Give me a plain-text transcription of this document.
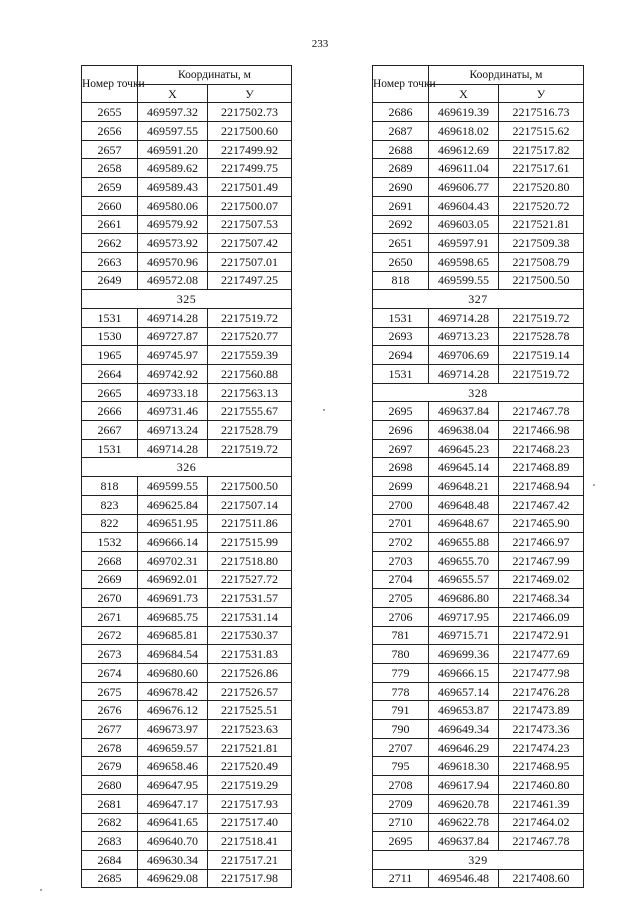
233
Номер точки	Координаты, м	
	X	У
2655	469597.32	2217502.73
2656	469597.55	2217500.60
2657	469591.20	2217499.92
2658	469589.62	2217499.75
2659	469589.43	2217501.49
2660	469580.06	2217500.07
2661	469579.92	2217507.53
2662	469573.92	2217507.42
2663	469570.96	2217507.01
2649	469572.08	2217497.25
325		
1531	469714.28	2217519.72
1530	469727.87	2217520.77
1965	469745.97	2217559.39
2664	469742.92	2217560.88
2665	469733.18	2217563.13
2666	469731.46	2217555.67
2667	469713.24	2217528.79
1531	469714.28	2217519.72
326		
818	469599.55	2217500.50
823	469625.84	2217507.14
822	469651.95	2217511.86
1532	469666.14	2217515.99
2668	469702.31	2217518.80
2669	469692.01	2217527.72
2670	469691.73	2217531.57
2671	469685.75	2217531.14
2672	469685.81	2217530.37
2673	469684.54	2217531.83
2674	469680.60	2217526.86
2675	469678.42	2217526.57
2676	469676.12	2217525.51
2677	469673.97	2217523.63
2678	469659.57	2217521.81
2679	469658.46	2217520.49
2680	469647.95	2217519.29
2681	469647.17	2217517.93
2682	469641.65	2217517.40
2683	469640.70	2217518.41
2684	469630.34	2217517.21
2685	469629.08	2217517.98
Номер точки	Координаты, м	
	X	У
2686	469619.39	2217516.73
2687	469618.02	2217515.62
2688	469612.69	2217517.82
2689	469611.04	2217517.61
2690	469606.77	2217520.80
2691	469604.43	2217520.72
2692	469603.05	2217521.81
2651	469597.91	2217509.38
2650	469598.65	2217508.79
818	469599.55	2217500.50
327		
1531	469714.28	2217519.72
2693	469713.23	2217528.78
2694	469706.69	2217519.14
1531	469714.28	2217519.72
328		
2695	469637.84	2217467.78
2696	469638.04	2217466.98
2697	469645.23	2217468.23
2698	469645.14	2217468.89
2699	469648.21	2217468.94
2700	469648.48	2217467.42
2701	469648.67	2217465.90
2702	469655.88	2217466.97
2703	469655.70	2217467.99
2704	469655.57	2217469.02
2705	469686.80	2217468.34
2706	469717.95	2217466.09
781	469715.71	2217472.91
780	469699.36	2217477.69
779	469666.15	2217477.98
778	469657.14	2217476.28
791	469653.87	2217473.89
790	469649.34	2217473.36
2707	469646.29	2217474.23
795	469618.30	2217468.95
2708	469617.94	2217460.80
2709	469620.78	2217461.39
2710	469622.78	2217464.02
2695	469637.84	2217467.78
329		
2711	469546.48	2217408.60
